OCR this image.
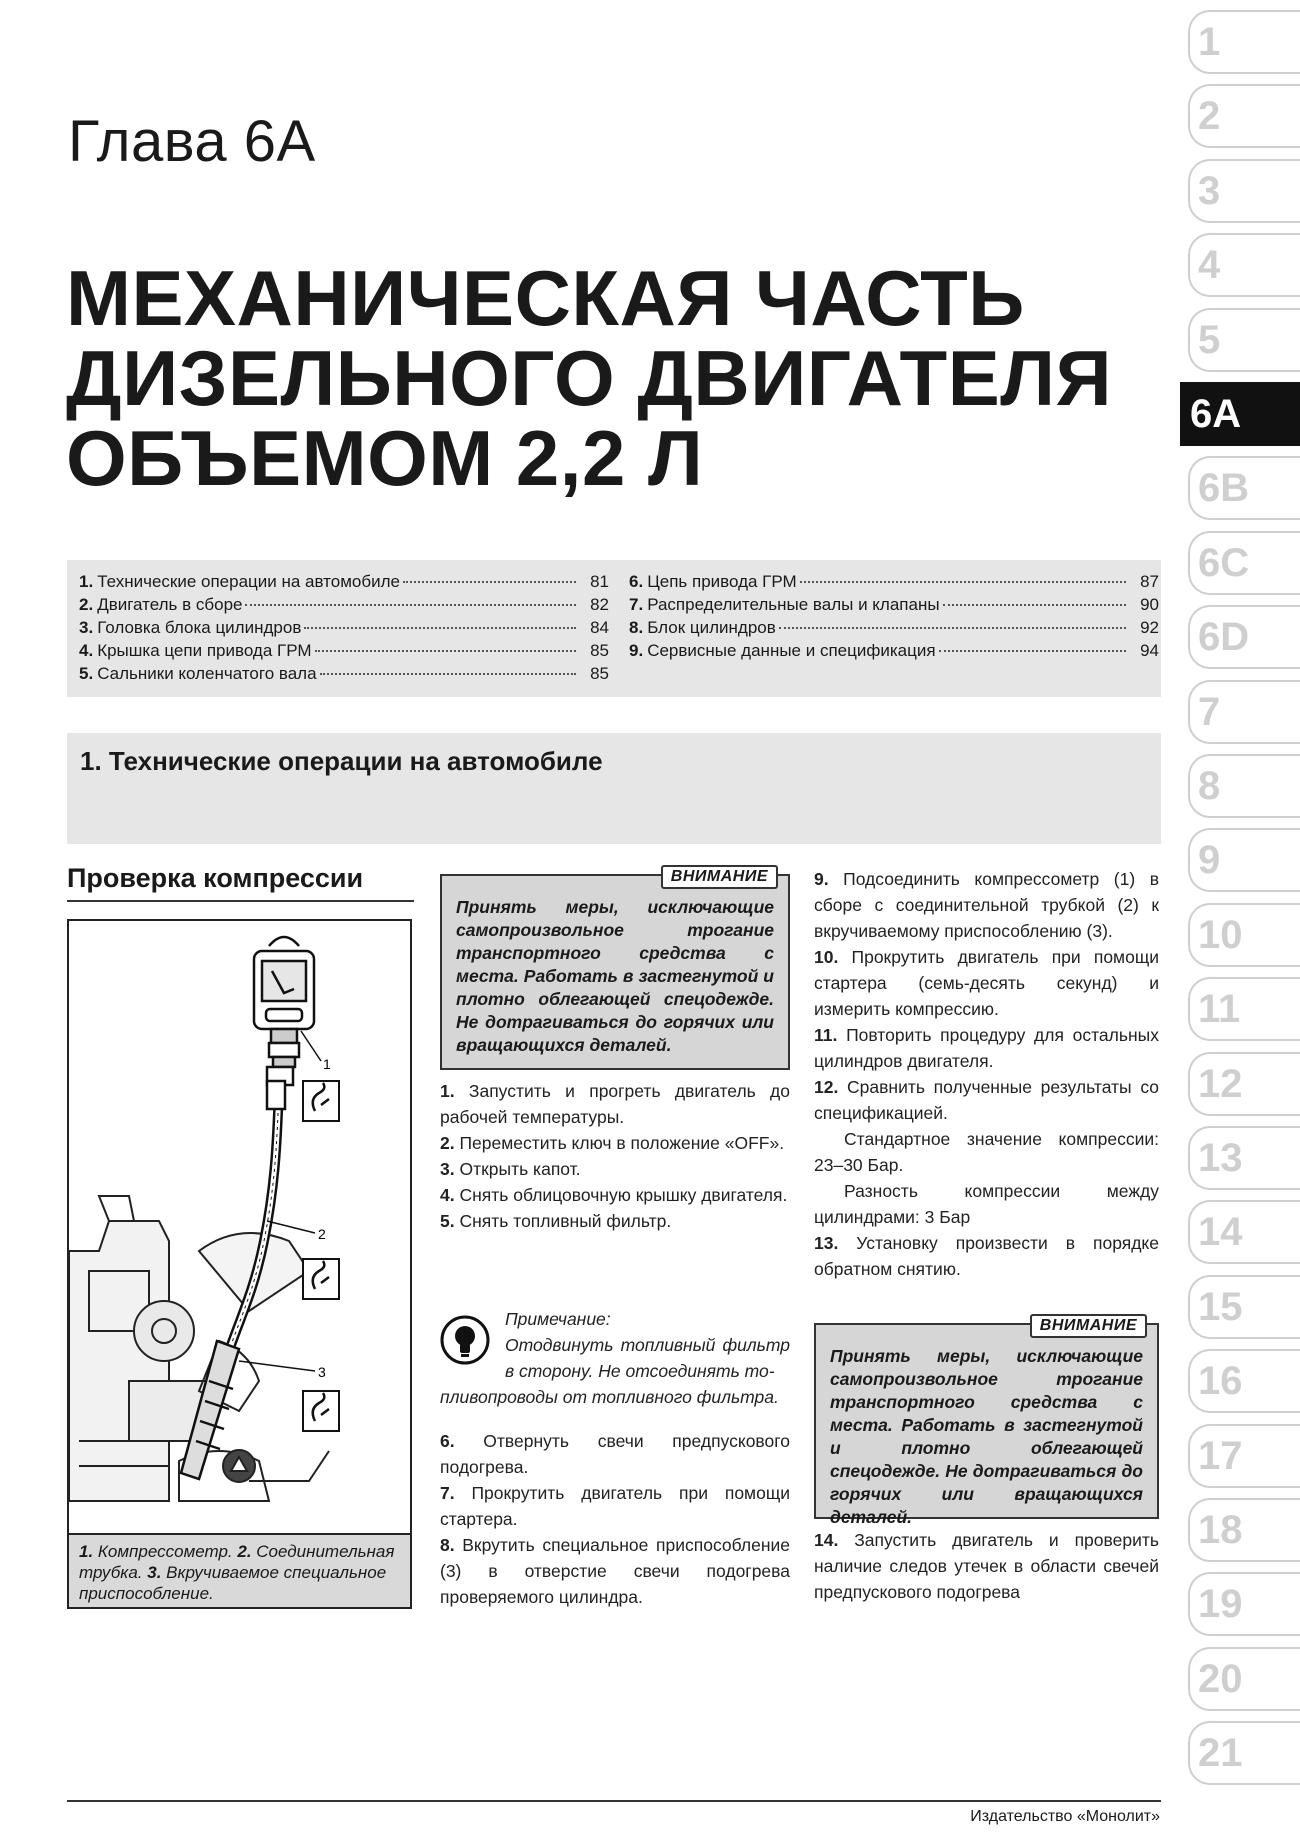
Глава 6А
МЕХАНИЧЕСКАЯ ЧАСТЬ
ДИЗЕЛЬНОГО ДВИГАТЕЛЯ
ОБЪЕМОМ 2,2 Л
1. Технические операции на автомобиле	81
2. Двигатель в сборе	82
3. Головка блока цилиндров	84
4. Крышка цепи привода ГРМ	85
5. Сальники коленчатого вала	85
6. Цепь привода ГРМ	87
7. Распределительные валы и клапаны	90
8. Блок цилиндров	92
9. Сервисные данные и спецификация	94
1. Технические операции на автомобиле
Проверка компрессии
1
2
3
1. Компрессометр. 2. Соединительная трубка. 3. Вкручиваемое специальное приспособление.
ВНИМАНИЕ
Принять меры, исключающие самопроизвольное трогание транспортного средства с места. Работать в застегнутой и плотно облегающей спецодежде. Не дотрагиваться до горячих или вращающихся деталей.

1. Запустить и прогреть двигатель до рабочей температуры.

2. Переместить ключ в положение «OFF».

3. Открыть капот.

4. Снять облицовочную крышку двигателя.

5. Снять топливный фильтр.

Примечание:
Отодвинуть топливный фильтр в сторону. Не отсоединять то-
пливопроводы от топливного фильтра.

6. Отвернуть свечи предпускового подогрева.

7. Прокрутить двигатель при помощи стартера.

8. Вкрутить специальное приспособление (3) в отверстие свечи подогрева проверяемого цилиндра.

9. Подсоединить компрессометр (1) в сборе с соединительной трубкой (2) к вкручиваемому приспособлению (3).

10. Прокрутить двигатель при помощи стартера (семь-десять секунд) и измерить компрессию.

11. Повторить процедуру для остальных цилиндров двигателя.

12. Сравнить полученные результаты со спецификацией.

Стандартное значение компрессии: 23–30 Бар.

Разность компрессии между цилиндрами: 3 Бар

13. Установку произвести в порядке обратном снятию.

ВНИМАНИЕ
Принять меры, исключающие самопроизвольное трогание транспортного средства с места. Работать в застегнутой и плотно облегающей спецодежде. Не дотрагиваться до горячих или вращающихся деталей.

14. Запустить двигатель и проверить наличие следов утечек в области свечей предпускового подогрева

Издательство «Монолит»
1
2
3
4
5
6A
6B
6C
6D
7
8
9
10
11
12
13
14
15
16
17
18
19
20
21
